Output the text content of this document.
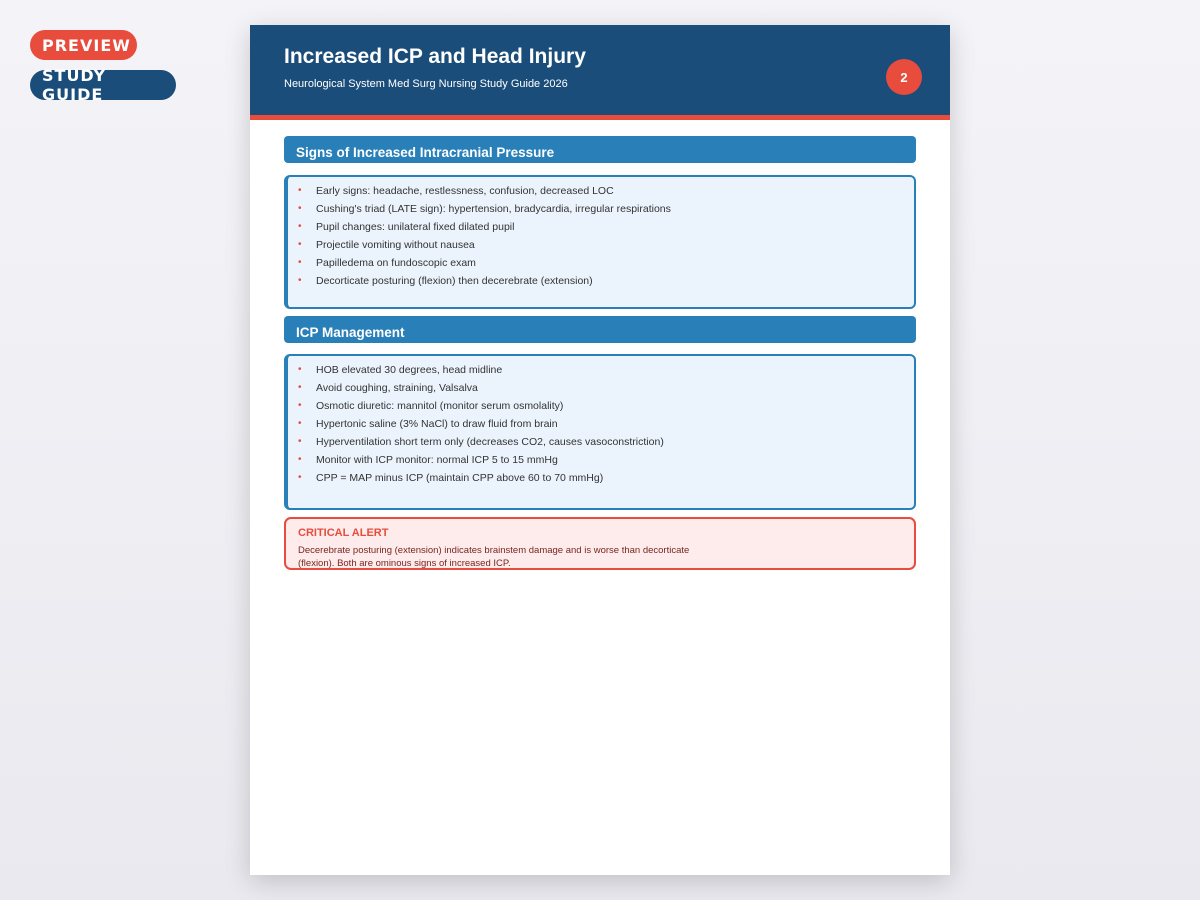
PREVIEW
STUDY GUIDE
Increased ICP and Head Injury
Neurological System Med Surg Nursing Study Guide 2026	2
Signs of Increased Intracranial Pressure
• Early signs: headache, restlessness, confusion, decreased LOC
• Cushing's triad (LATE sign): hypertension, bradycardia, irregular respirations
• Pupil changes: unilateral fixed dilated pupil
• Projectile vomiting without nausea
• Papilledema on fundoscopic exam
• Decorticate posturing (flexion) then decerebrate (extension)
ICP Management
• HOB elevated 30 degrees, head midline
• Avoid coughing, straining, Valsalva
• Osmotic diuretic: mannitol (monitor serum osmolality)
• Hypertonic saline (3% NaCl) to draw fluid from brain
• Hyperventilation short term only (decreases CO2, causes vasoconstriction)
• Monitor with ICP monitor: normal ICP 5 to 15 mmHg
• CPP = MAP minus ICP (maintain CPP above 60 to 70 mmHg)
CRITICAL ALERT
Decerebrate posturing (extension) indicates brainstem damage and is worse than decorticate
(flexion). Both are ominous signs of increased ICP.
